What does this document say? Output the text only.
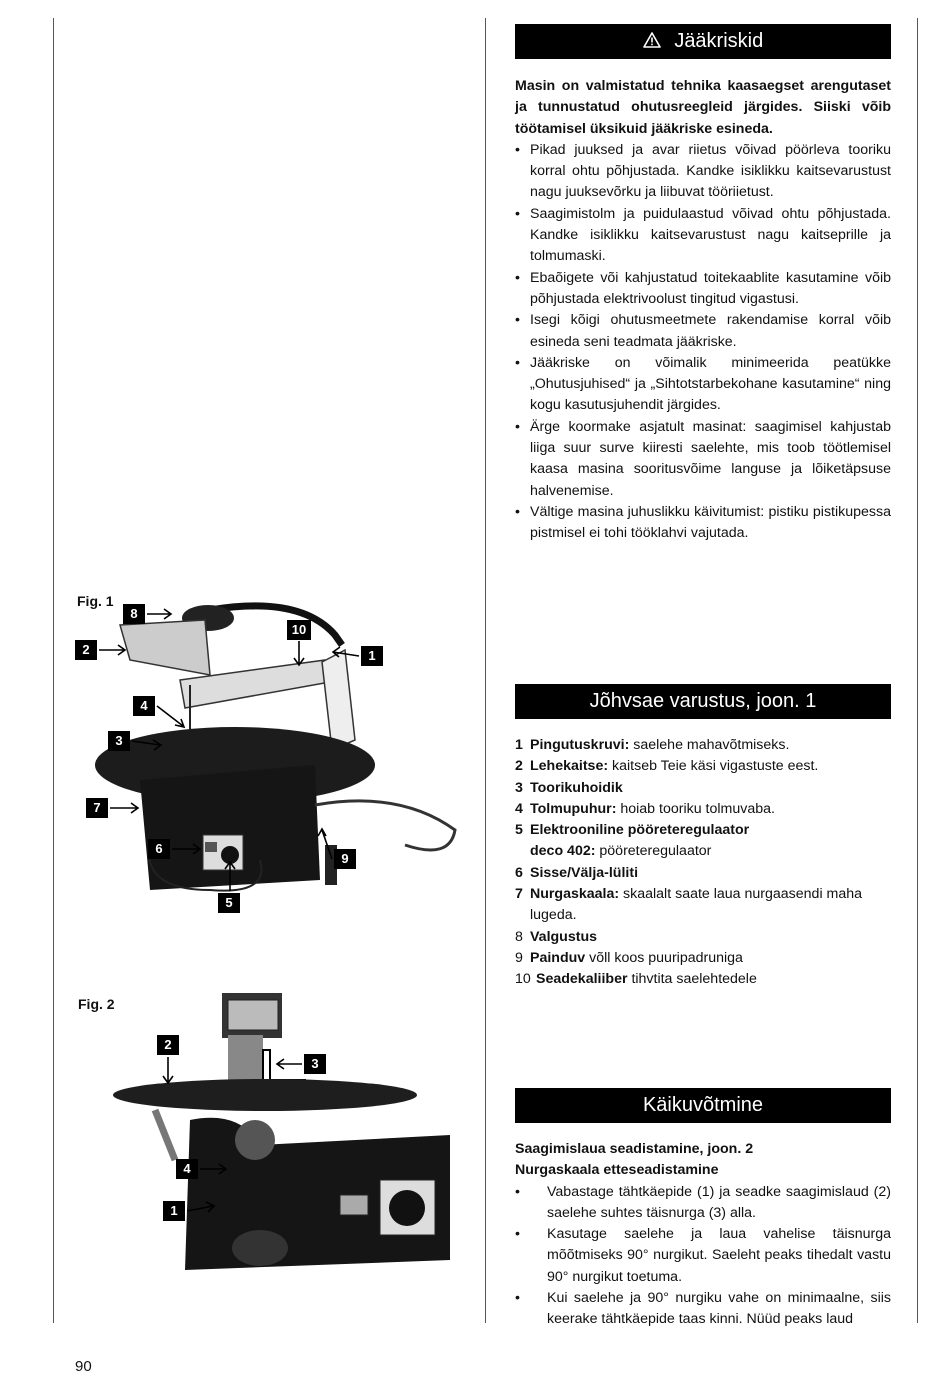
Jääkriskid

Masin on valmistatud tehnika kaasaegset arengutaset ja tunnustatud ohutusreegleid järgides. Siiski võib töötamisel üksikuid jääkriske esineda.

• Pikad juuksed ja avar riietus võivad pöörleva tooriku korral ohtu põhjustada. Kandke isiklikku kaitsevarustust nagu juuksevõrku ja liibuvat tööriietust.
• Saagimistolm ja puidulaastud võivad ohtu põhjustada. Kandke isiklikku kaitsevarustust nagu kaitseprille ja tolmumaski.
• Ebaõigete või kahjustatud toitekaablite kasutamine võib põhjustada elektrivoolust tingitud vigastusi.
• Isegi kõigi ohutusmeetmete rakendamise korral võib esineda seni teadmata jääkriske.
• Jääkriske on võimalik minimeerida peatükke „Ohutusjuhised“ ja „Sihtotstarbekohane kasutamine“ ning kogu kasutusjuhendit järgides.
• Ärge koormake asjatult masinat: saagimisel kahjustab liiga suur surve kiiresti saelehte, mis toob töötlemisel kaasa masina sooritusvõime languse ja lõiketäpsuse halvenemise.
• Vältige masina juhuslikku käivitumist: pistiku pistikupessa pistmisel ei tohi tööklahvi vajutada.
Jõhvsae varustus, joon. 1
1 Pingutuskruvi: saelehe mahavõtmiseks.
2 Lehekaitse: kaitseb Teie käsi vigastuste eest.
3 Toorikuhoidik
4 Tolmupuhur: hoiab tooriku tolmuvaba.
5 Elektrooniline pööreteregulaator
deco 402: pööreteregulaator
6 Sisse/Välja-lüliti
7 Nurgaskaala: skaalalt saate laua nurgaasendi maha lugeda.
8 Valgustus
9 Painduv võll koos puuripadruniga
10 Seadekaliiber tihvtita saelehtedele
Käikuvõtmine

Saagimislaua seadistamine, joon. 2

Nurgaskaala etteseadistamine

• Vabastage tähtkäepide (1) ja seadke saagimislaud (2) saelehe suhtes täisnurga (3) alla.
• Kasutage saelehe ja laua vahelise täisnurga mõõtmiseks 90° nurgikut. Saeleht peaks tihedalt vastu 90° nurgikut toetuma.
• Kui saelehe ja 90° nurgiku vahe on minimaalne, siis keerake tähtkäepide taas kinni. Nüüd peaks laud
Fig. 1
8
10
2	1
4
3
7
6
9
5
Fig. 2
2
3
4
1
90
